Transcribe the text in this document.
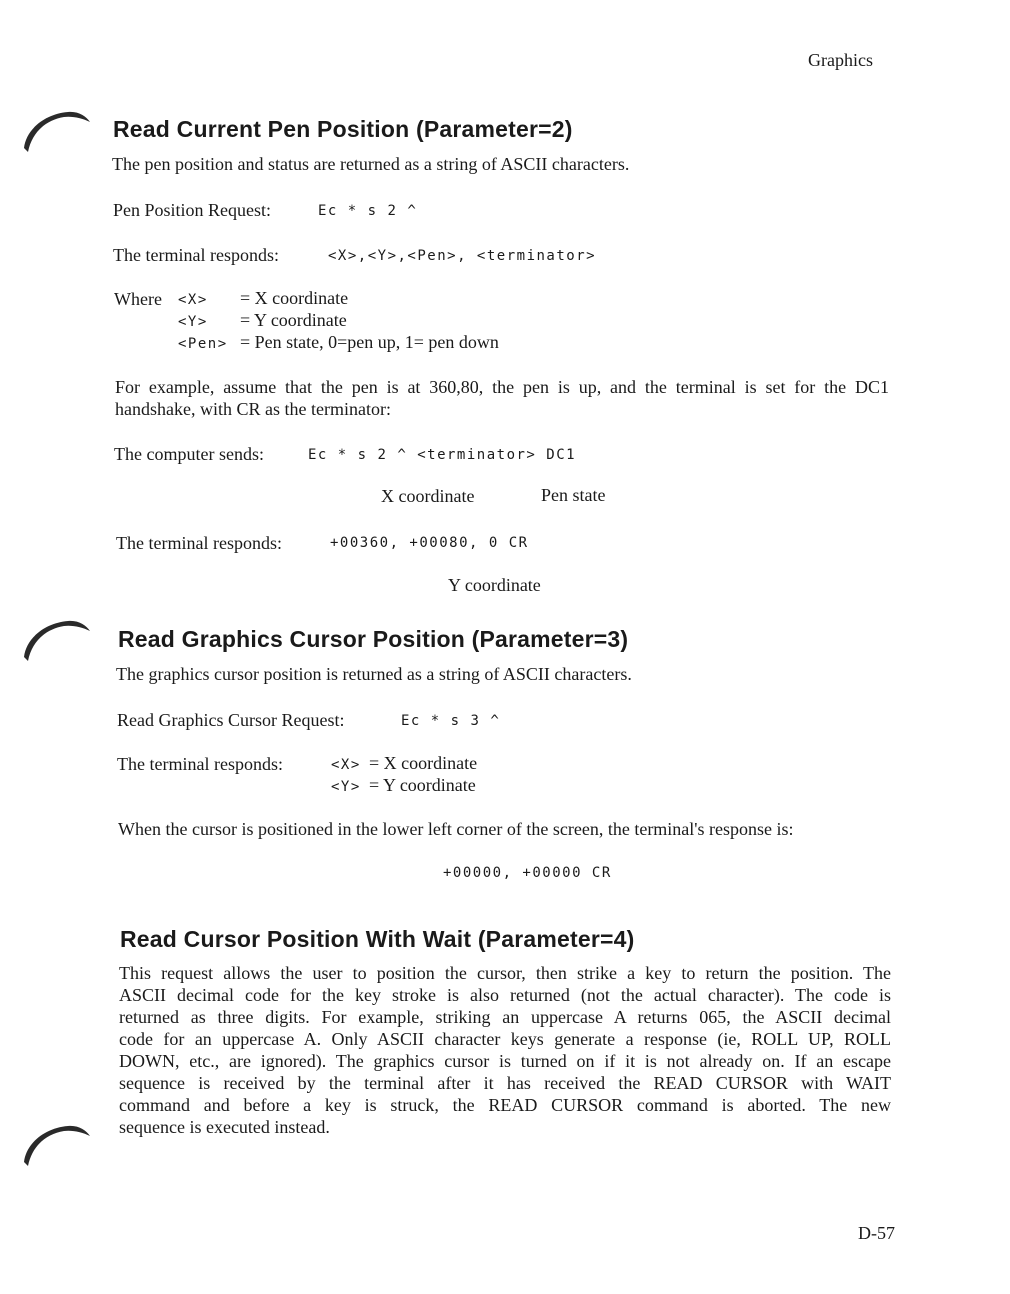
Graphics
Read Current Pen Position (Parameter=2)
The pen position and status are returned as a string of ASCII characters.
Pen Position Request:	Ec * s 2 ^
The terminal responds:	<X>,<Y>,<Pen>, <terminator>
Where <X> = X coordinate
<Y> = Y coordinate
<Pen> = Pen state, 0=pen up, 1= pen down
For example, assume that the pen is at 360,80, the pen is up, and the terminal is set for the DC1
handshake, with CR as the terminator:
The computer sends:	Ec * s 2 ^ <terminator> DC1
X coordinate	Pen state
The terminal responds:	+00360, +00080, 0 CR
Y coordinate
Read Graphics Cursor Position (Parameter=3)
The graphics cursor position is returned as a string of ASCII characters.
Read Graphics Cursor Request:	Ec * s 3 ^
The terminal responds:	<X> = X coordinate
<Y> = Y coordinate
When the cursor is positioned in the lower left corner of the screen, the terminal's response is:
+00000, +00000 CR
Read Cursor Position With Wait (Parameter=4)
This request allows the user to position the cursor, then strike a key to return the position. The
ASCII decimal code for the key stroke is also returned (not the actual character). The code is
returned as three digits. For example, striking an uppercase A returns 065, the ASCII decimal
code for an uppercase A. Only ASCII character keys generate a response (ie, ROLL UP, ROLL
DOWN, etc., are ignored). The graphics cursor is turned on if it is not already on. If an escape
sequence is received by the terminal after it has received the READ CURSOR with WAIT
command and before a key is struck, the READ CURSOR command is aborted. The new
sequence is executed instead.
D-57
